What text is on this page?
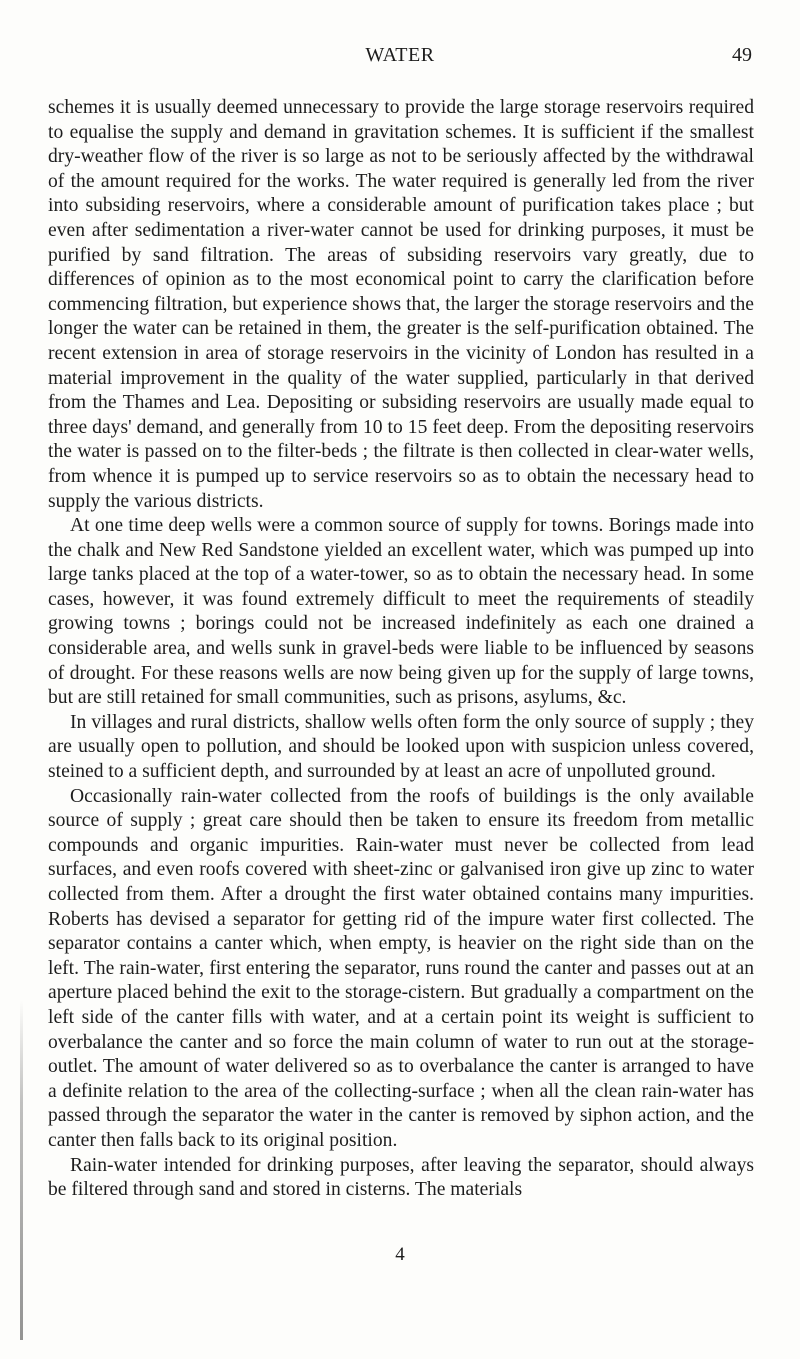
WATER	49

schemes it is usually deemed unnecessary to provide the large storage reservoirs required to equalise the supply and demand in gravitation schemes. It is sufficient if the smallest dry-weather flow of the river is so large as not to be seriously affected by the withdrawal of the amount required for the works. The water required is generally led from the river into subsiding reservoirs, where a considerable amount of purification takes place ; but even after sedimentation a river-water cannot be used for drinking purposes, it must be purified by sand filtration. The areas of subsiding reservoirs vary greatly, due to differences of opinion as to the most economical point to carry the clarification before commencing filtration, but experience shows that, the larger the storage reservoirs and the longer the water can be retained in them, the greater is the self-purification obtained. The recent extension in area of storage reservoirs in the vicinity of London has resulted in a material improvement in the quality of the water supplied, particularly in that derived from the Thames and Lea. Depositing or subsiding reservoirs are usually made equal to three days' demand, and generally from 10 to 15 feet deep. From the depositing reservoirs the water is passed on to the filter-beds ; the filtrate is then collected in clear-water wells, from whence it is pumped up to service reservoirs so as to obtain the necessary head to supply the various districts.

At one time deep wells were a common source of supply for towns. Borings made into the chalk and New Red Sandstone yielded an excellent water, which was pumped up into large tanks placed at the top of a water-tower, so as to obtain the necessary head. In some cases, however, it was found extremely difficult to meet the requirements of steadily growing towns ; borings could not be increased indefinitely as each one drained a considerable area, and wells sunk in gravel-beds were liable to be influenced by seasons of drought. For these reasons wells are now being given up for the supply of large towns, but are still retained for small communities, such as prisons, asylums, &c.

In villages and rural districts, shallow wells often form the only source of supply ; they are usually open to pollution, and should be looked upon with suspicion unless covered, steined to a sufficient depth, and surrounded by at least an acre of unpolluted ground.

Occasionally rain-water collected from the roofs of buildings is the only available source of supply ; great care should then be taken to ensure its freedom from metallic compounds and organic impurities. Rain-water must never be collected from lead surfaces, and even roofs covered with sheet-zinc or galvanised iron give up zinc to water collected from them. After a drought the first water obtained contains many impurities. Roberts has devised a separator for getting rid of the impure water first collected. The separator contains a canter which, when empty, is heavier on the right side than on the left. The rain-water, first entering the separator, runs round the canter and passes out at an aperture placed behind the exit to the storage-cistern. But gradually a compartment on the left side of the canter fills with water, and at a certain point its weight is sufficient to overbalance the canter and so force the main column of water to run out at the storage-outlet. The amount of water delivered so as to overbalance the canter is arranged to have a definite relation to the area of the collecting-surface ; when all the clean rain-water has passed through the separator the water in the canter is removed by siphon action, and the canter then falls back to its original position.

Rain-water intended for drinking purposes, after leaving the separator, should always be filtered through sand and stored in cisterns. The materials

4
